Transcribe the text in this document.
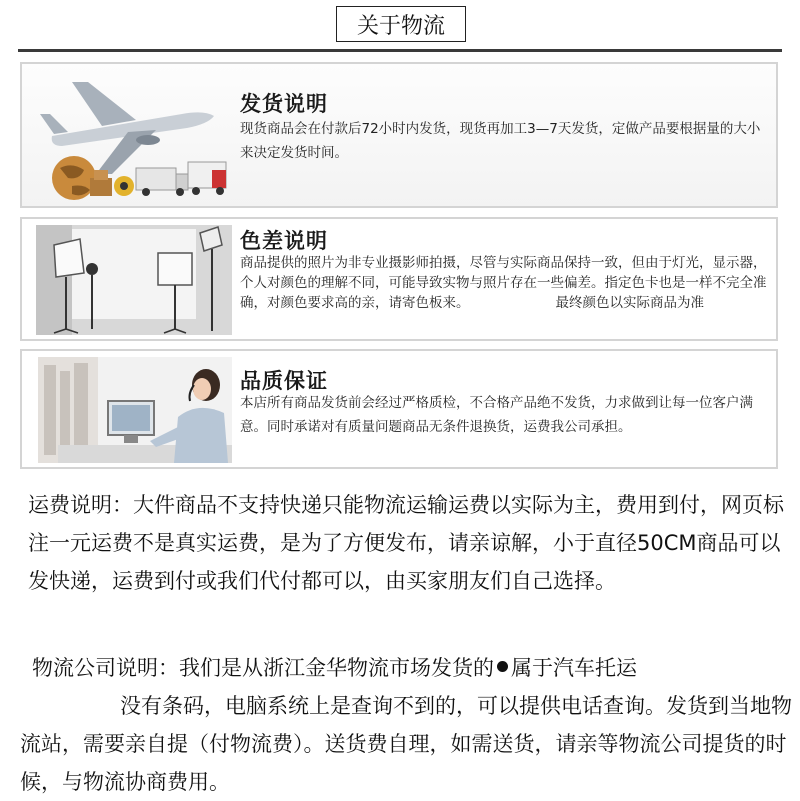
关于物流
发货说明
现货商品会在付款后72小时内发货，现货再加工3—7天发货，定做产品要根据量的大小来决定发货时间。
色差说明
商品提供的照片为非专业摄影师拍摄，尽管与实际商品保持一致，但由于灯光，显示器，个人对颜色的理解不同，可能导致实物与照片存在一些偏差。指定色卡也是一样不完全准确，对颜色要求高的亲，请寄色板来。	最终颜色以实际商品为准
品质保证
本店所有商品发货前会经过严格质检，不合格产品绝不发货，力求做到让每一位客户满意。同时承诺对有质量问题商品无条件退换货，运费我公司承担。
运费说明：大件商品不支持快递只能物流运输运费以实际为主，费用到付，网页标注一元运费不是真实运费，是为了方便发布，请亲谅解，小于直径50CM商品可以发快递，运费到付或我们代付都可以，由买家朋友们自己选择。
物流公司说明：我们是从浙江金华物流市场发货的 属于汽车托运
没有条码，电脑系统上是查询不到的，可以提供电话查询。发货到当地物流站，需要亲自提（付物流费）。送货费自理，如需送货，请亲等物流公司提货的时候，与物流协商费用。
